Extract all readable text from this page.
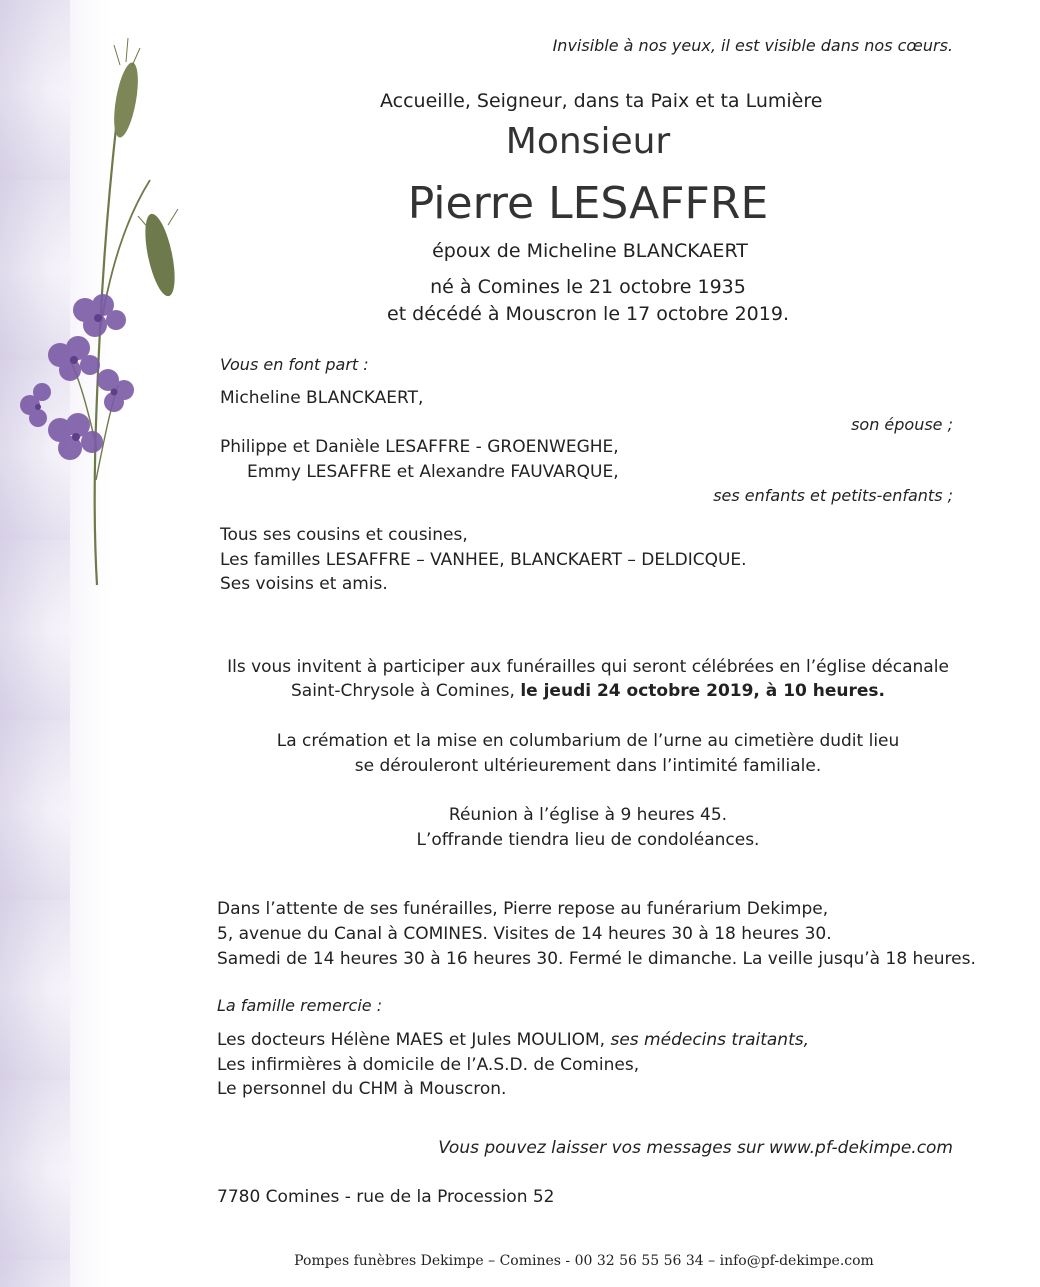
Invisible à nos yeux, il est visible dans nos cœurs.

Accueille, Seigneur, dans ta Paix et ta Lumière

Monsieur

Pierre LESAFFRE

époux de Micheline BLANCKAERT

né à Comines le 21 octobre 1935

et décédé à Mouscron le 17 octobre 2019.

Vous en font part :

Micheline BLANCKAERT,

son épouse ;

Philippe et Danièle LESAFFRE - GROENWEGHE,

Emmy LESAFFRE et Alexandre FAUVARQUE,

ses enfants et petits-enfants ;

Tous ses cousins et cousines,

Les familles LESAFFRE – VANHEE, BLANCKAERT – DELDICQUE.

Ses voisins et amis.

Ils vous invitent à participer aux funérailles qui seront célébrées en l’église décanale

Saint-Chrysole à Comines, le jeudi 24 octobre 2019, à 10 heures.

La crémation et la mise en columbarium de l’urne au cimetière dudit lieu

se dérouleront ultérieurement dans l’intimité familiale.

Réunion à l’église à 9 heures 45.

L’offrande tiendra lieu de condoléances.

Dans l’attente de ses funérailles, Pierre repose au funérarium Dekimpe,

5, avenue du Canal à COMINES. Visites de 14 heures 30 à 18 heures 30.

Samedi de 14 heures 30 à 16 heures 30. Fermé le dimanche. La veille jusqu’à 18 heures.

La famille remercie :

Les docteurs Hélène MAES et Jules MOULIOM, ses médecins traitants,

Les infirmières à domicile de l’A.S.D. de Comines,

Le personnel du CHM à Mouscron.

Vous pouvez laisser vos messages sur www.pf-dekimpe.com

7780 Comines - rue de la Procession 52

Pompes funèbres Dekimpe – Comines - 00 32 56 55 56 34 – info@pf-dekimpe.com
